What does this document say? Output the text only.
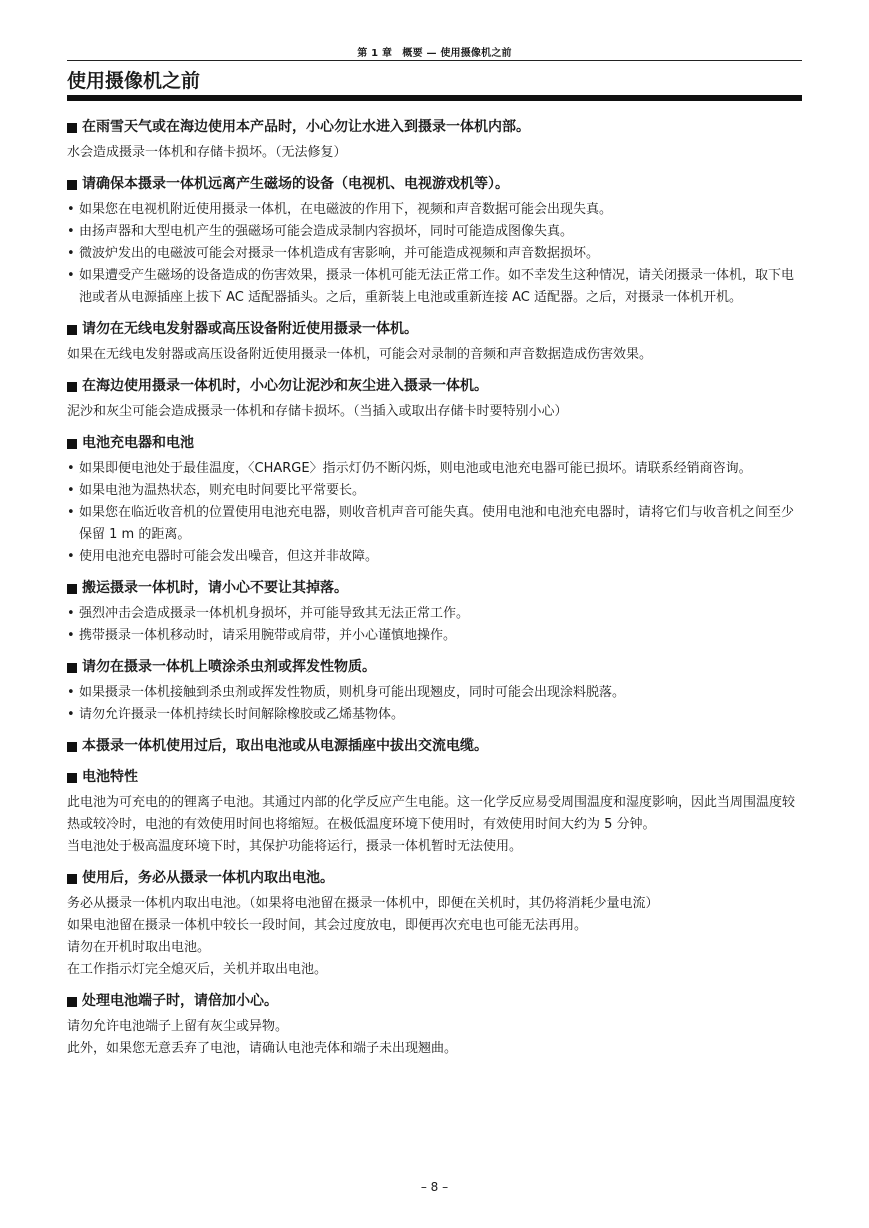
第 1 章　概要 — 使用摄像机之前
使用摄像机之前
在雨雪天气或在海边使用本产品时，小心勿让水进入到摄录一体机内部。

水会造成摄录一体机和存储卡损坏。（无法修复）

请确保本摄录一体机远离产生磁场的设备（电视机、电视游戏机等）。
• 如果您在电视机附近使用摄录一体机，在电磁波的作用下，视频和声音数据可能会出现失真。
• 由扬声器和大型电机产生的强磁场可能会造成录制内容损坏，同时可能造成图像失真。
• 微波炉发出的电磁波可能会对摄录一体机造成有害影响，并可能造成视频和声音数据损坏。
• 如果遭受产生磁场的设备造成的伤害效果，摄录一体机可能无法正常工作。如不幸发生这种情况，请关闭摄录一体机，取下电池或者从电源插座上拔下 AC 适配器插头。之后，重新装上电池或重新连接 AC 适配器。之后，对摄录一体机开机。
请勿在无线电发射器或高压设备附近使用摄录一体机。

如果在无线电发射器或高压设备附近使用摄录一体机，可能会对录制的音频和声音数据造成伤害效果。

在海边使用摄录一体机时，小心勿让泥沙和灰尘进入摄录一体机。

泥沙和灰尘可能会造成摄录一体机和存储卡损坏。（当插入或取出存储卡时要特别小心）

电池充电器和电池
• 如果即便电池处于最佳温度，〈CHARGE〉指示灯仍不断闪烁，则电池或电池充电器可能已损坏。请联系经销商咨询。
• 如果电池为温热状态，则充电时间要比平常要长。
• 如果您在临近收音机的位置使用电池充电器，则收音机声音可能失真。使用电池和电池充电器时，请将它们与收音机之间至少保留 1 m 的距离。
• 使用电池充电器时可能会发出噪音，但这并非故障。
搬运摄录一体机时，请小心不要让其掉落。
• 强烈冲击会造成摄录一体机机身损坏，并可能导致其无法正常工作。
• 携带摄录一体机移动时，请采用腕带或肩带，并小心谨慎地操作。
请勿在摄录一体机上喷涂杀虫剂或挥发性物质。
• 如果摄录一体机接触到杀虫剂或挥发性物质，则机身可能出现翘皮，同时可能会出现涂料脱落。
• 请勿允许摄录一体机持续长时间解除橡胶或乙烯基物体。
本摄录一体机使用过后，取出电池或从电源插座中拔出交流电缆。
电池特性

此电池为可充电的的锂离子电池。其通过内部的化学反应产生电能。这一化学反应易受周围温度和湿度影响，因此当周围温度较热或较冷时，电池的有效使用时间也将缩短。在极低温度环境下使用时，有效使用时间大约为 5 分钟。

当电池处于极高温度环境下时，其保护功能将运行，摄录一体机暂时无法使用。

使用后，务必从摄录一体机内取出电池。

务必从摄录一体机内取出电池。（如果将电池留在摄录一体机中，即便在关机时，其仍将消耗少量电流）

如果电池留在摄录一体机中较长一段时间，其会过度放电，即便再次充电也可能无法再用。

请勿在开机时取出电池。

在工作指示灯完全熄灭后，关机并取出电池。

处理电池端子时，请倍加小心。

请勿允许电池端子上留有灰尘或异物。

此外，如果您无意丢弃了电池，请确认电池壳体和端子未出现翘曲。

– 8 –
